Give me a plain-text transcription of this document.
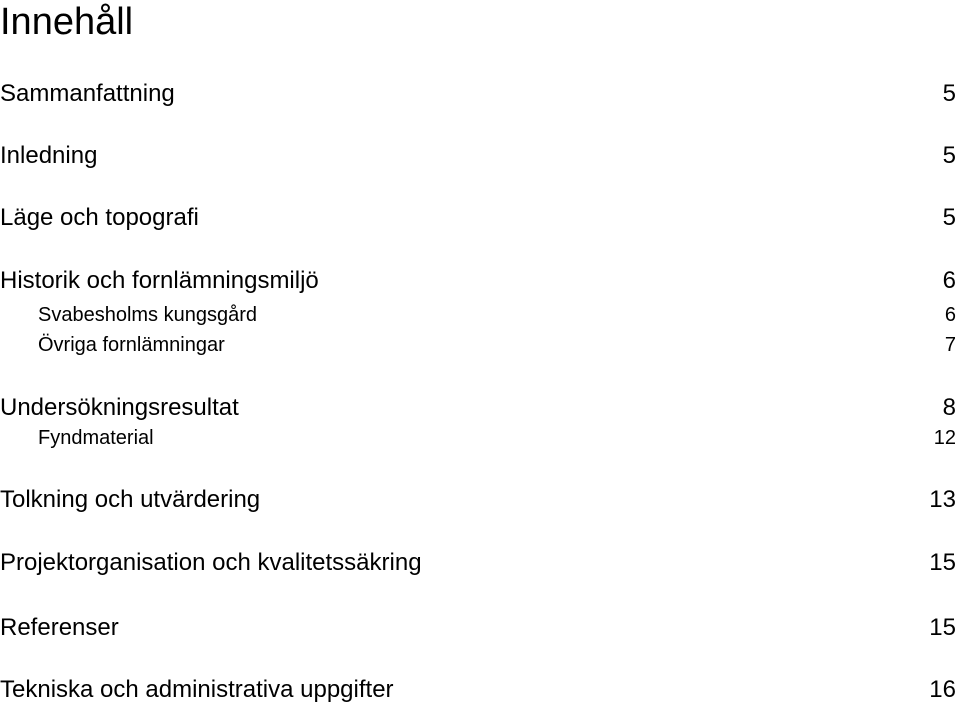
Innehåll
Sammanfattning	5
Inledning	5
Läge och topografi	5
Historik och fornlämningsmiljö	6
Svabesholms kungsgård	6
Övriga fornlämningar	7
Undersökningsresultat	8
Fyndmaterial	12
Tolkning och utvärdering	13
Projektorganisation och kvalitetssäkring	15
Referenser	15
Tekniska och administrativa uppgifter	16
